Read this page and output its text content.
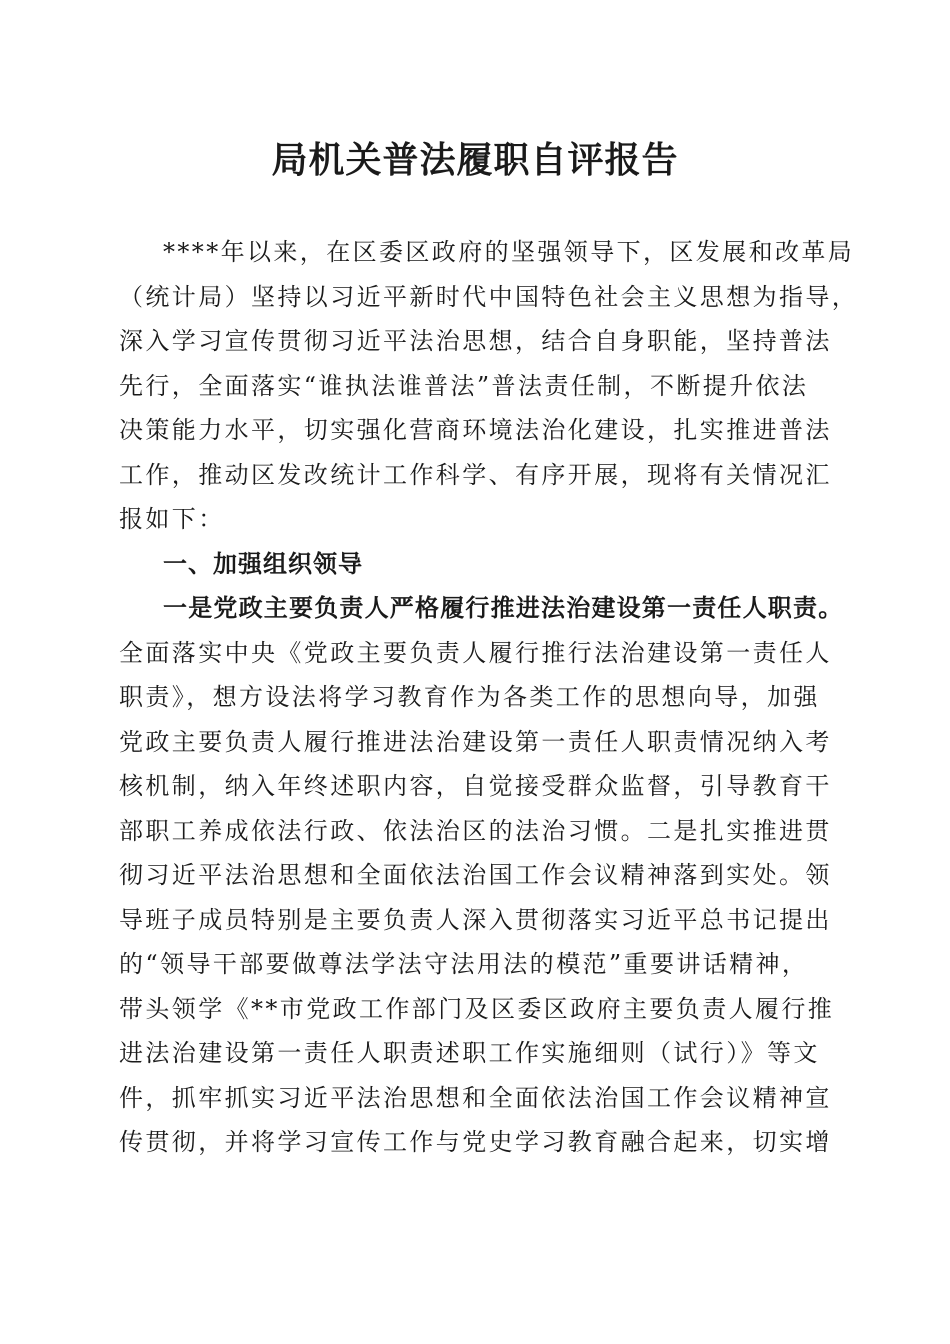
局机关普法履职自评报告
****年以来，在区委区政府的坚强领导下，区发展和改革局
（统计局）坚持以习近平新时代中国特色社会主义思想为指导，
深入学习宣传贯彻习近平法治思想，结合自身职能，坚持普法
先行，全面落实“谁执法谁普法”普法责任制，不断提升依法
决策能力水平，切实强化营商环境法治化建设，扎实推进普法
工作，推动区发改统计工作科学、有序开展，现将有关情况汇
报如下：
一、加强组织领导
一是党政主要负责人严格履行推进法治建设第一责任人职责。
全面落实中央《党政主要负责人履行推行法治建设第一责任人
职责》，想方设法将学习教育作为各类工作的思想向导，加强
党政主要负责人履行推进法治建设第一责任人职责情况纳入考
核机制，纳入年终述职内容，自觉接受群众监督，引导教育干
部职工养成依法行政、依法治区的法治习惯。二是扎实推进贯
彻习近平法治思想和全面依法治国工作会议精神落到实处。领
导班子成员特别是主要负责人深入贯彻落实习近平总书记提出
的“领导干部要做尊法学法守法用法的模范”重要讲话精神，
带头领学《**市党政工作部门及区委区政府主要负责人履行推
进法治建设第一责任人职责述职工作实施细则（试行）》等文
件，抓牢抓实习近平法治思想和全面依法治国工作会议精神宣
传贯彻，并将学习宣传工作与党史学习教育融合起来，切实增
